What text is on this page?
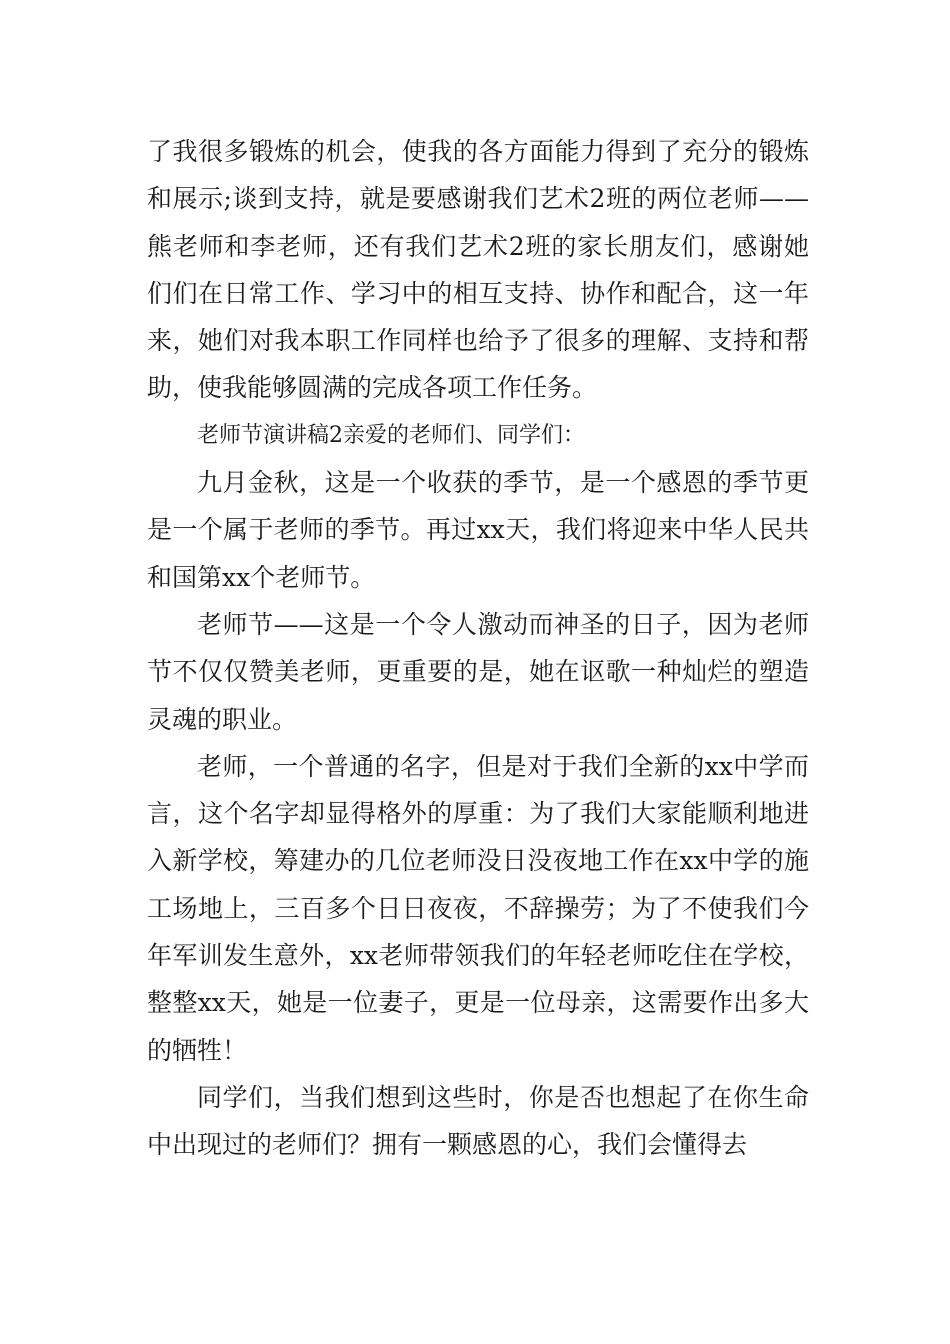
了我很多锻炼的机会，使我的各方面能力得到了充分的锻炼和展示;谈到支持，就是要感谢我们艺术2班的两位老师——熊老师和李老师，还有我们艺术2班的家长朋友们，感谢她们们在日常工作、学习中的相互支持、协作和配合，这一年来，她们对我本职工作同样也给予了很多的理解、支持和帮助，使我能够圆满的完成各项工作任务。

老师节演讲稿2亲爱的老师们、同学们：

九月金秋，这是一个收获的季节，是一个感恩的季节更是一个属于老师的季节。再过xx天，我们将迎来中华人民共和国第xx个老师节。

老师节——这是一个令人激动而神圣的日子，因为老师节不仅仅赞美老师，更重要的是，她在讴歌一种灿烂的塑造灵魂的职业。

老师，一个普通的名字，但是对于我们全新的xx中学而言，这个名字却显得格外的厚重：为了我们大家能顺利地进入新学校，筹建办的几位老师没日没夜地工作在xx中学的施工场地上，三百多个日日夜夜，不辞操劳；为了不使我们今年军训发生意外，xx老师带领我们的年轻老师吃住在学校，整整xx天，她是一位妻子，更是一位母亲，这需要作出多大的牺牲！

同学们，当我们想到这些时，你是否也想起了在你生命中出现过的老师们？拥有一颗感恩的心，我们会懂得去
